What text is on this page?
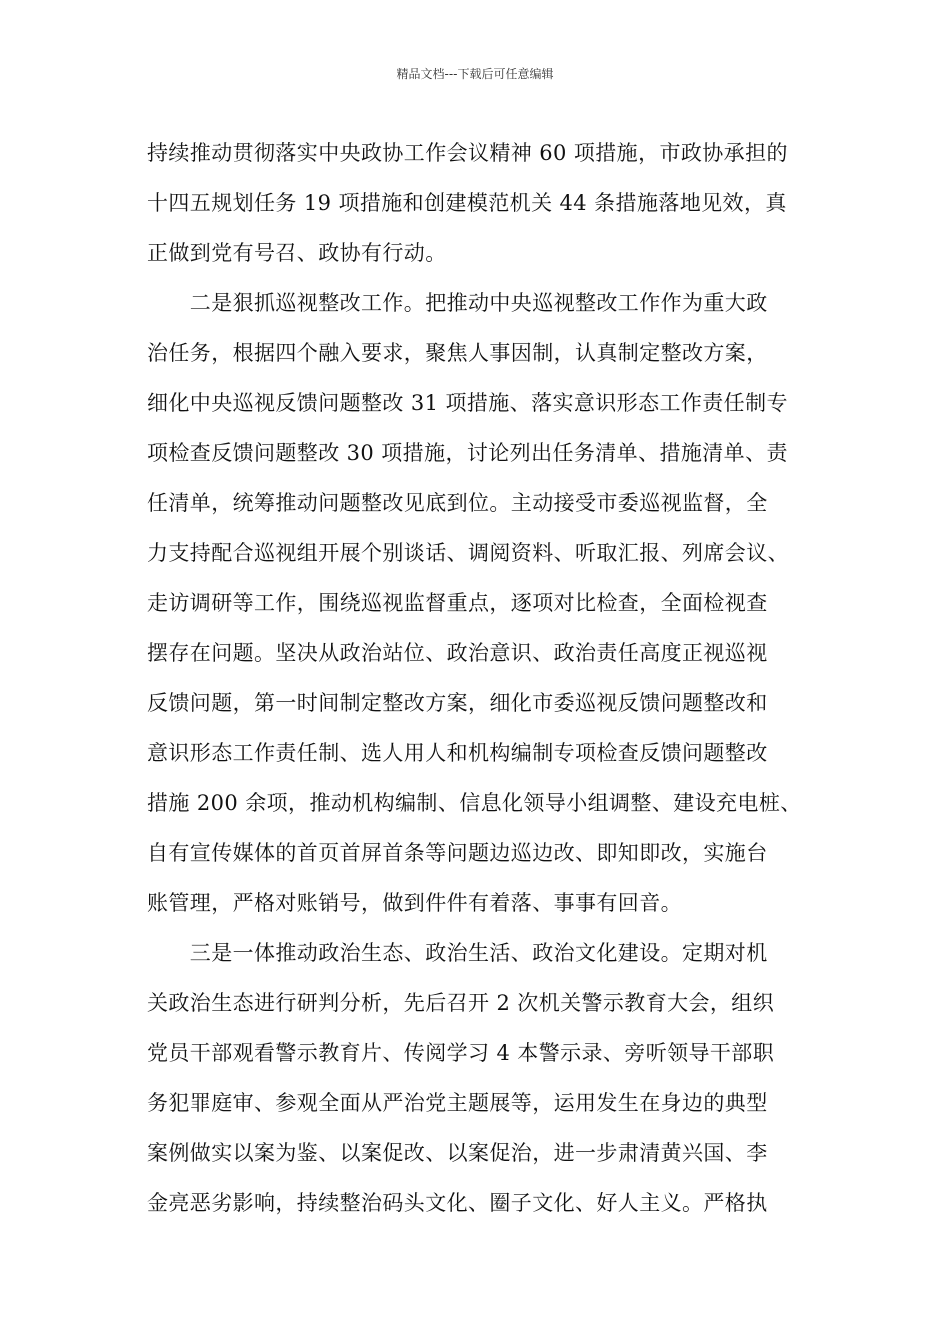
精品文档---下载后可任意编辑
持续推动贯彻落实中央政协工作会议精神 60 项措施，市政协承担的
十四五规划任务 19 项措施和创建模范机关 44 条措施落地见效，真
正做到党有号召、政协有行动。
　　二是狠抓巡视整改工作。把推动中央巡视整改工作作为重大政
治任务，根据四个融入要求，聚焦人事因制，认真制定整改方案，
细化中央巡视反馈问题整改 31 项措施、落实意识形态工作责任制专
项检查反馈问题整改 30 项措施，讨论列出任务清单、措施清单、责
任清单，统筹推动问题整改见底到位。主动接受市委巡视监督，全
力支持配合巡视组开展个别谈话、调阅资料、听取汇报、列席会议、
走访调研等工作，围绕巡视监督重点，逐项对比检查，全面检视查
摆存在问题。坚决从政治站位、政治意识、政治责任高度正视巡视
反馈问题，第一时间制定整改方案，细化市委巡视反馈问题整改和
意识形态工作责任制、选人用人和机构编制专项检查反馈问题整改
措施 200 余项，推动机构编制、信息化领导小组调整、建设充电桩、
自有宣传媒体的首页首屏首条等问题边巡边改、即知即改，实施台
账管理，严格对账销号，做到件件有着落、事事有回音。
　　三是一体推动政治生态、政治生活、政治文化建设。定期对机
关政治生态进行研判分析，先后召开 2 次机关警示教育大会，组织
党员干部观看警示教育片、传阅学习 4 本警示录、旁听领导干部职
务犯罪庭审、参观全面从严治党主题展等，运用发生在身边的典型
案例做实以案为鉴、以案促改、以案促治，进一步肃清黄兴国、李
金亮恶劣影响，持续整治码头文化、圈子文化、好人主义。严格执
